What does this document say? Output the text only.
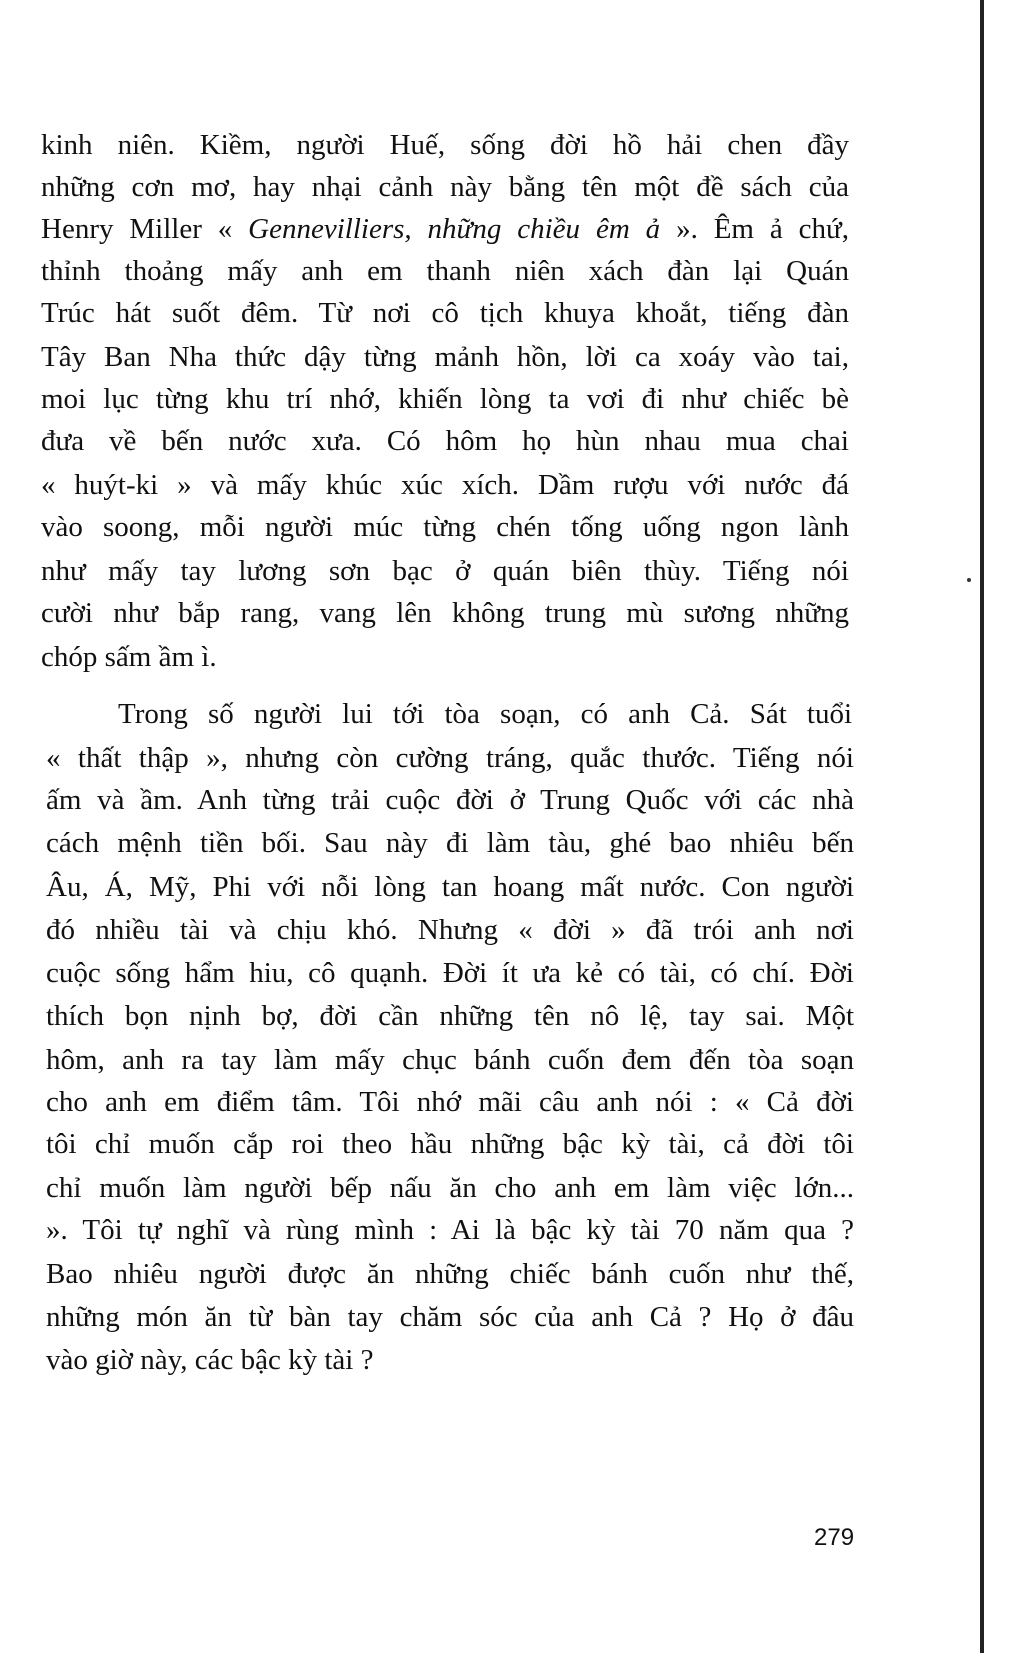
kinh niên. Kiềm, người Huế, sống đời hồ hải chen đầy
những cơn mơ, hay nhại cảnh này bằng tên một đề sách của
Henry Miller « Gennevilliers, những chiều êm ả ». Êm ả chứ,
thỉnh thoảng mấy anh em thanh niên xách đàn lại Quán
Trúc hát suốt đêm. Từ nơi cô tịch khuya khoắt, tiếng đàn
Tây Ban Nha thức dậy từng mảnh hồn, lời ca xoáy vào tai,
moi lục từng khu trí nhớ, khiến lòng ta vơi đi như chiếc bè
đưa về bến nước xưa. Có hôm họ hùn nhau mua chai
« huýt-ki » và mấy khúc xúc xích. Dầm rượu với nước đá
vào soong, mỗi người múc từng chén tống uống ngon lành
như mấy tay lương sơn bạc ở quán biên thùy. Tiếng nói
cười như bắp rang, vang lên không trung mù sương những
chóp sấm ầm ì.
Trong số người lui tới tòa soạn, có anh Cả. Sát tuổi
« thất thập », nhưng còn cường tráng, quắc thước. Tiếng nói
ấm và ầm. Anh từng trải cuộc đời ở Trung Quốc với các nhà
cách mệnh tiền bối. Sau này đi làm tàu, ghé bao nhiêu bến
Âu, Á, Mỹ, Phi với nỗi lòng tan hoang mất nước. Con người
đó nhiều tài và chịu khó. Nhưng « đời » đã trói anh nơi
cuộc sống hẩm hiu, cô quạnh. Đời ít ưa kẻ có tài, có chí. Đời
thích bọn nịnh bợ, đời cần những tên nô lệ, tay sai. Một
hôm, anh ra tay làm mấy chục bánh cuốn đem đến tòa soạn
cho anh em điểm tâm. Tôi nhớ mãi câu anh nói : « Cả đời
tôi chỉ muốn cắp roi theo hầu những bậc kỳ tài, cả đời tôi
chỉ muốn làm người bếp nấu ăn cho anh em làm việc lớn...
». Tôi tự nghĩ và rùng mình : Ai là bậc kỳ tài 70 năm qua ?
Bao nhiêu người được ăn những chiếc bánh cuốn như thế,
những món ăn từ bàn tay chăm sóc của anh Cả ? Họ ở đâu
vào giờ này, các bậc kỳ tài ?
279
